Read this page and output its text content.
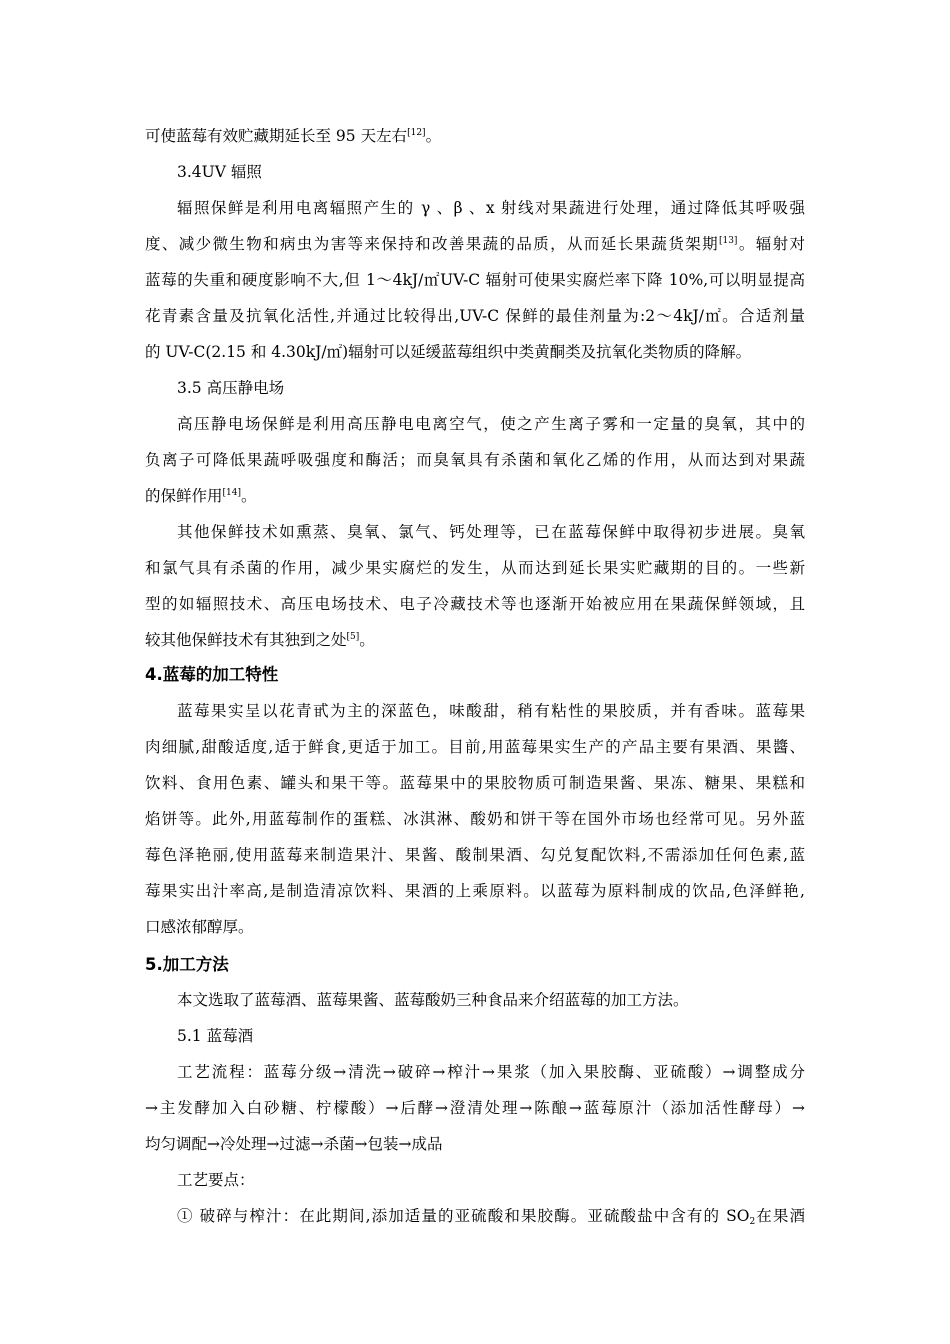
可使蓝莓有效贮藏期延长至 95 天左右[12]。
3.4UV 辐照
辐照保鲜是利用电离辐照产生的 γ 、β 、x 射线对果蔬进行处理，通过降低其呼吸强
度、减少微生物和病虫为害等来保持和改善果蔬的品质，从而延长果蔬货架期[13]。辐射对
蓝莓的失重和硬度影响不大,但 1～4kJ/㎡UV-C 辐射可使果实腐烂率下降 10%,可以明显提高
花青素含量及抗氧化活性,并通过比较得出,UV-C 保鲜的最佳剂量为:2～4kJ/㎡。合适剂量
的 UV-C(2.15 和 4.30kJ/㎡)辐射可以延缓蓝莓组织中类黄酮类及抗氧化类物质的降解。
3.5 高压静电场
高压静电场保鲜是利用高压静电电离空气，使之产生离子雾和一定量的臭氧，其中的
负离子可降低果蔬呼吸强度和酶活；而臭氧具有杀菌和氧化乙烯的作用，从而达到对果蔬
的保鲜作用[14]。
其他保鲜技术如熏蒸、臭氧、氯气、钙处理等，已在蓝莓保鲜中取得初步进展。臭氧
和氯气具有杀菌的作用，减少果实腐烂的发生，从而达到延长果实贮藏期的目的。一些新
型的如辐照技术、高压电场技术、电子冷藏技术等也逐渐开始被应用在果蔬保鲜领域，且
较其他保鲜技术有其独到之处[5]。
4.蓝莓的加工特性
蓝莓果实呈以花青甙为主的深蓝色，味酸甜，稍有粘性的果胶质，并有香味。蓝莓果
肉细腻,甜酸适度,适于鲜食,更适于加工。目前,用蓝莓果实生产的产品主要有果酒、果醬、
饮料、食用色素、罐头和果干等。蓝莓果中的果胶物质可制造果酱、果冻、糖果、果糕和
焰饼等。此外,用蓝莓制作的蛋糕、冰淇淋、酸奶和饼干等在国外市场也经常可见。另外蓝
莓色泽艳丽,使用蓝莓来制造果汁、果酱、酸制果酒、勾兑复配饮料,不需添加任何色素,蓝
莓果实出汁率高,是制造清凉饮料、果酒的上乘原料。以蓝莓为原料制成的饮品,色泽鲜艳,
口感浓郁醇厚。
5.加工方法
本文选取了蓝莓酒、蓝莓果酱、蓝莓酸奶三种食品来介绍蓝莓的加工方法。
5.1 蓝莓酒
工艺流程：蓝莓分级→清洗→破碎→榨汁→果浆（加入果胶酶、亚硫酸）→调整成分
→主发酵加入白砂糖、柠檬酸）→后酵→澄清处理→陈酿→蓝莓原汁（添加活性酵母）→
均匀调配→冷处理→过滤→杀菌→包装→成品
工艺要点：
① 破碎与榨汁：在此期间,添加适量的亚硫酸和果胶酶。亚硫酸盐中含有的 $SO_2$在果酒
